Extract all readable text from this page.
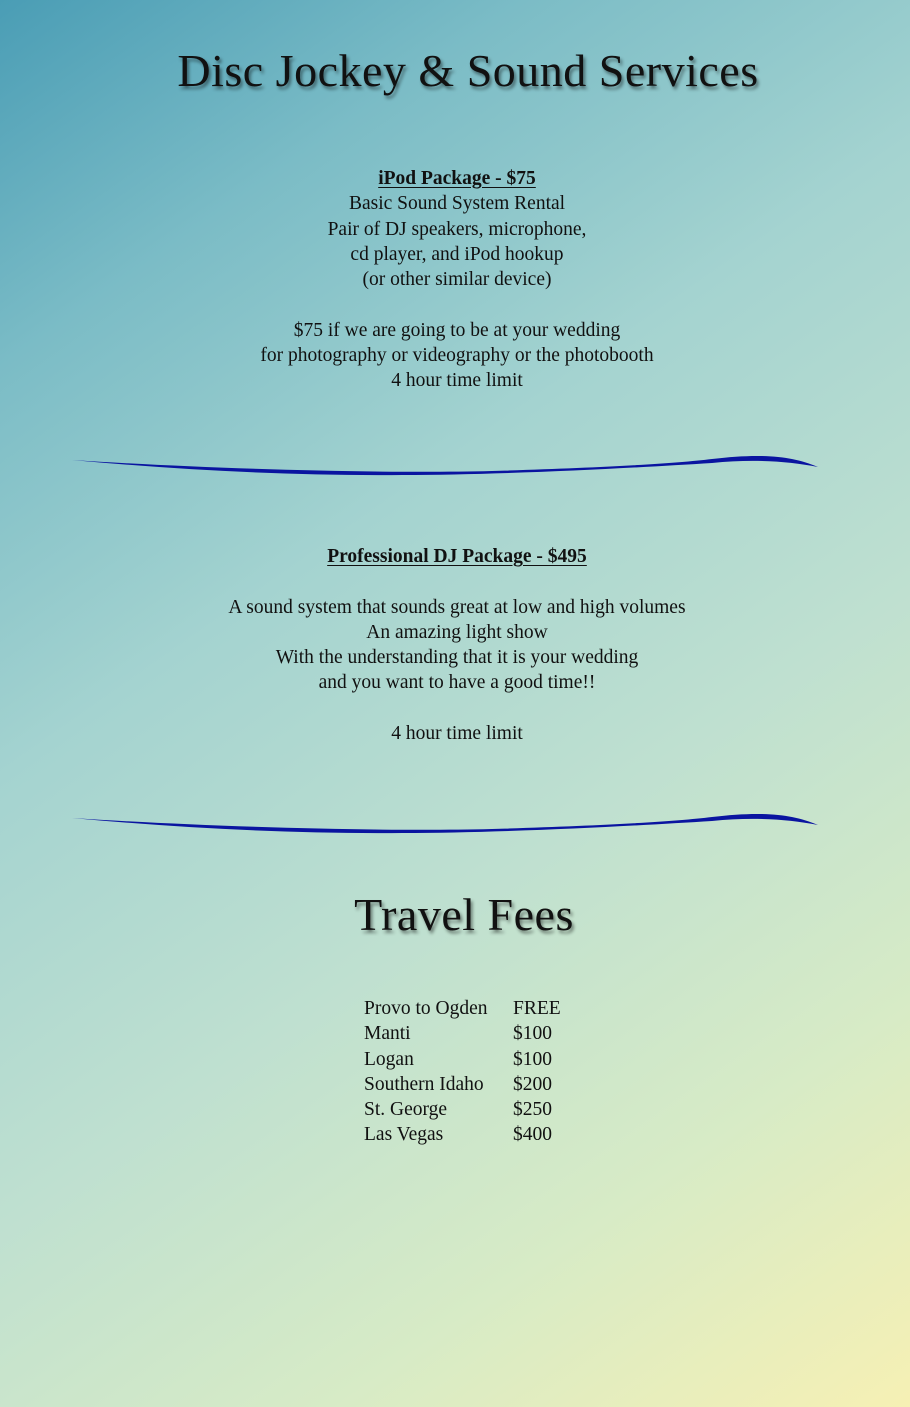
Disc Jockey & Sound Services
iPod Package - $75
Basic Sound System Rental
Pair of DJ speakers, microphone,
cd player, and iPod hookup
(or other similar device)
$75 if we are going to be at your wedding
for photography or videography or the photobooth
4 hour time limit
Professional DJ Package - $495
A sound system that sounds great at low and high volumes
An amazing light show
With the understanding that it is your wedding
and you want to have a good time!!
4 hour time limit
Travel Fees
Provo to Ogden	FREE
Manti	$100
Logan	$100
Southern Idaho	$200
St. George	$250
Las Vegas	$400
